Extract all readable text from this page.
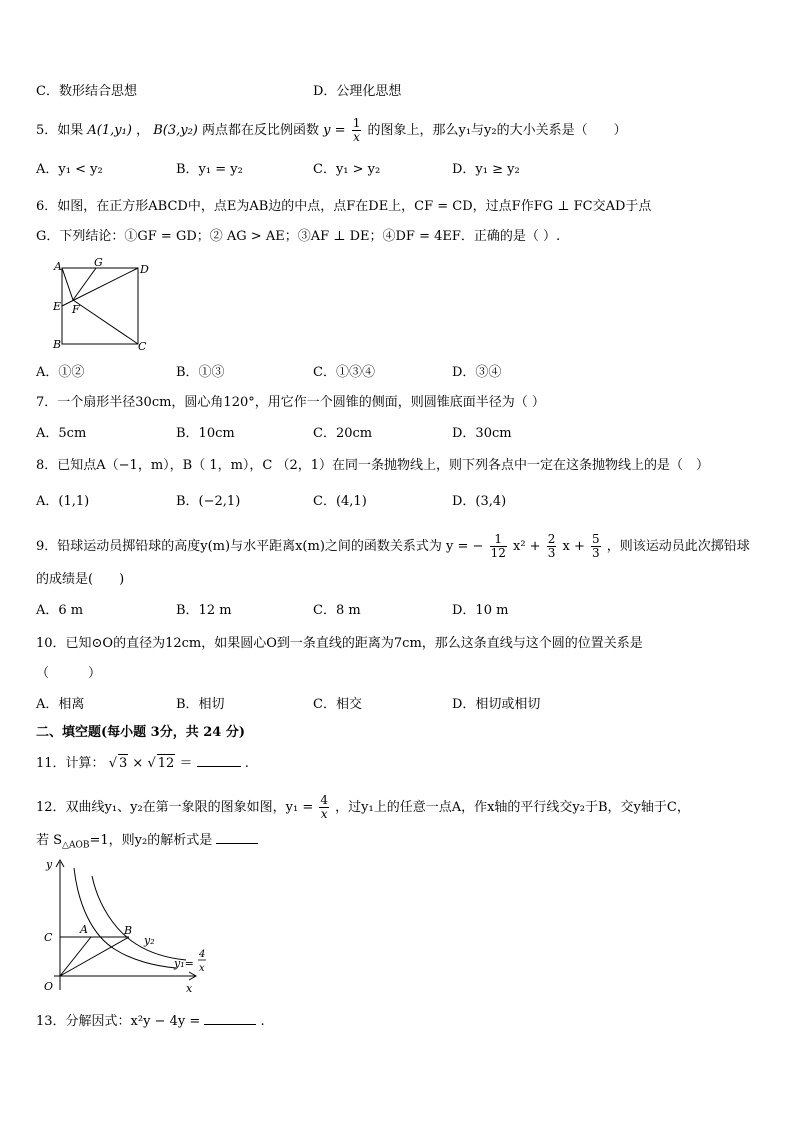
C．数形结合思想	D．公理化思想
5．如果 A(1,y₁) ， B(3,y₂) 两点都在反比例函数 $y = \frac{1}{x}$ 的图象上，那么y₁与y₂的大小关系是（　　）
A．y₁ < y₂	B．y₁ = y₂	C．y₁ > y₂	D．y₁ ≥ y₂
6．如图，在正方形ABCD中，点E为AB边的中点，点F在DE上，CF = CD，过点F作FG ⊥ FC交AD于点
G．下列结论：①GF = GD；② AG > AE；③AF ⊥ DE；④DF = 4EF．正确的是（ ）.
A	G
D
E F
B	C
A．①②	B．①③	C．①③④	D．③④
7．一个扇形半径30cm，圆心角120°，用它作一个圆锥的侧面，则圆锥底面半径为（ ）
A．5cm	B．10cm	C．20cm	D．30cm
8．已知点A（−1，m），B（ 1，m），C （2，1）在同一条抛物线上，则下列各点中一定在这条抛物线上的是（　）
A．(1,1)	B．(−2,1)	C．(4,1)	D．(3,4)
9．铅球运动员掷铅球的高度y(m)与水平距离x(m)之间的函数关系式为 y = − $\frac{1}{12} x^2 + \frac{2}{3}$ $x + \frac{5}{3}$ ，则该运动员此次掷铅球
的成绩是(　　)
A．6 m	B．12 m	C．8 m	D．10 m
10．已知⊙O的直径为12cm，如果圆心O到一条直线的距离为7cm，那么这条直线与这个圆的位置关系是
（　　　）
A．相离	B．相切	C．相交	D．相切或相切
二、填空题(每小题 3分，共 24 分)
11．计算： √ 3 × √ 12 ＝	.
12．双曲线y₁、y₂在第一象限的图象如图，$y_1 = \frac{4}{x}$ ，过y₁上的任意一点A，作x轴的平行线交y₂于B，交y轴于C，
若 $S_{\triangle AOB}=1$，则y₂的解析式是
y
C
A	B
y₂
y₁=
4
x
O	x
13．分解因式：x²y − 4y =	.
